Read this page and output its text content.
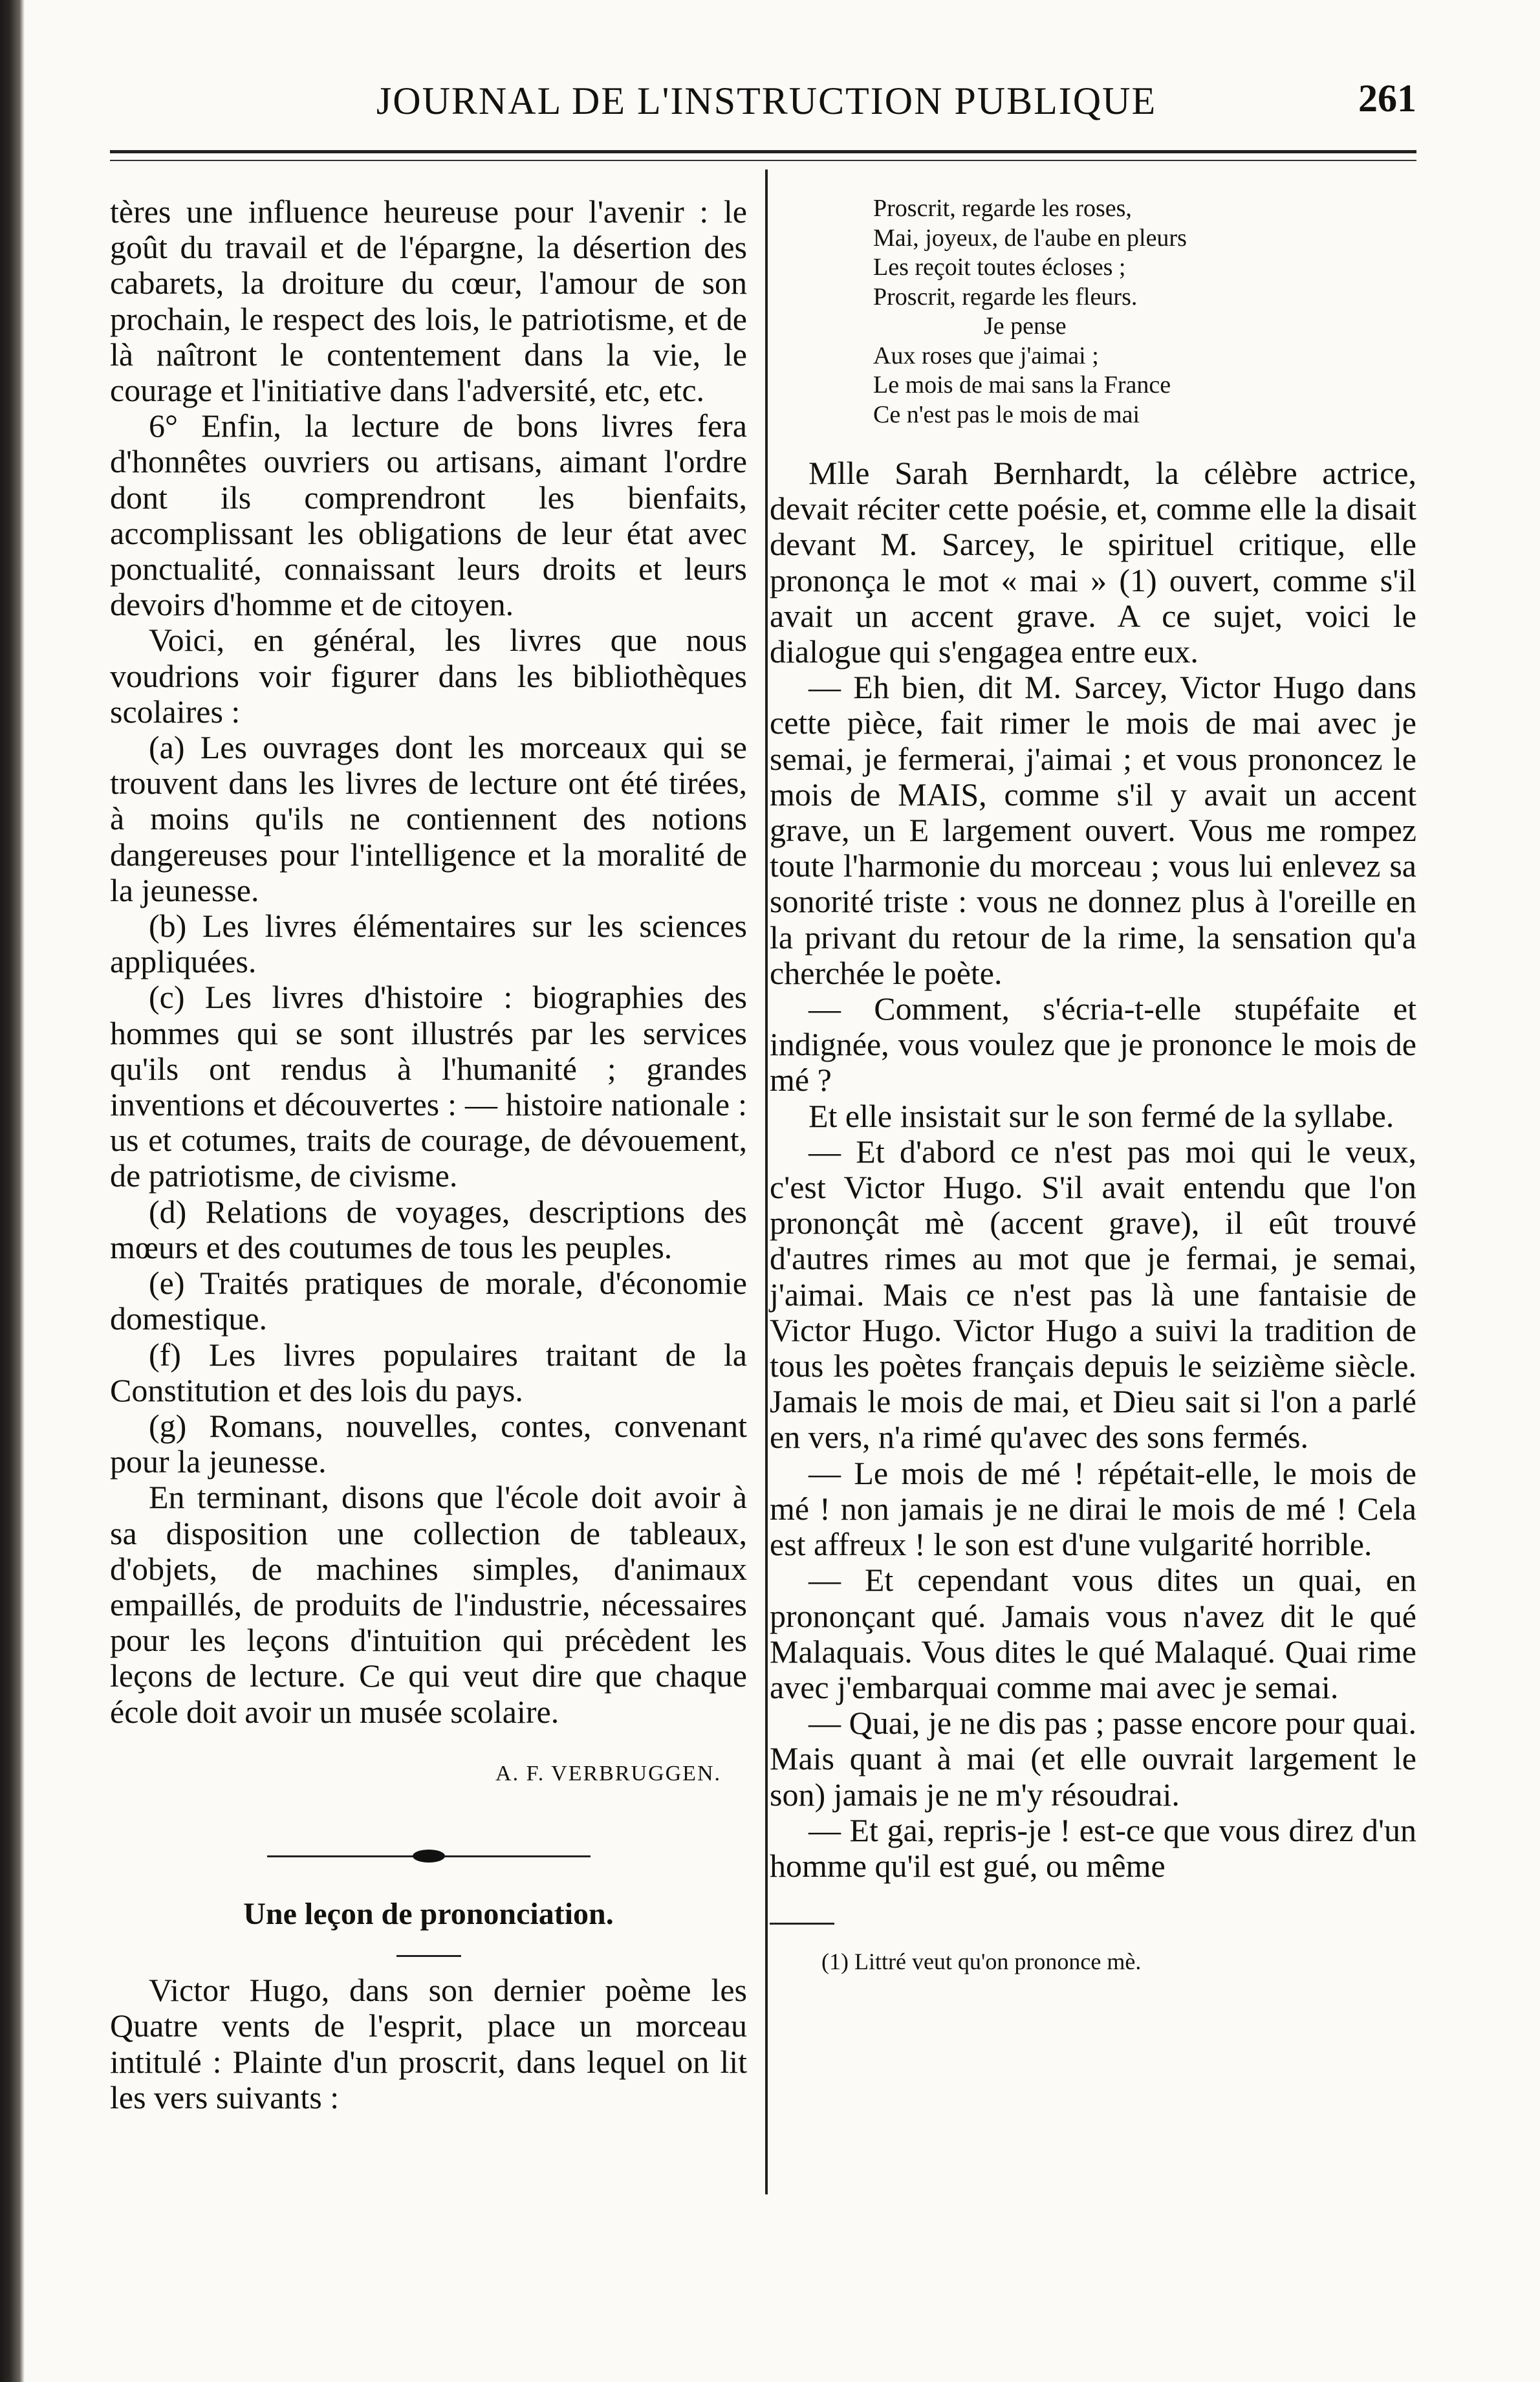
JOURNAL DE L'INSTRUCTION PUBLIQUE	261

tères une influence heureuse pour l'avenir : le goût du travail et de l'épargne, la désertion des cabarets, la droiture du cœur, l'amour de son prochain, le respect des lois, le patriotisme, et de là naîtront le contentement dans la vie, le courage et l'initiative dans l'adversité, etc, etc.

6° Enfin, la lecture de bons livres fera d'honnêtes ouvriers ou artisans, aimant l'ordre dont ils comprendront les bienfaits, accomplissant les obligations de leur état avec ponctualité, connaissant leurs droits et leurs devoirs d'homme et de citoyen.

Voici, en général, les livres que nous voudrions voir figurer dans les bibliothèques scolaires :

(a) Les ouvrages dont les morceaux qui se trouvent dans les livres de lecture ont été tirées, à moins qu'ils ne contiennent des notions dangereuses pour l'intelligence et la moralité de la jeunesse.

(b) Les livres élémentaires sur les sciences appliquées.

(c) Les livres d'histoire : biographies des hommes qui se sont illustrés par les services qu'ils ont rendus à l'humanité ; grandes inventions et découvertes : — histoire nationale : us et cotumes, traits de courage, de dévouement, de patriotisme, de civisme.

(d) Relations de voyages, descriptions des mœurs et des coutumes de tous les peuples.

(e) Traités pratiques de morale, d'économie domestique.

(f) Les livres populaires traitant de la Constitution et des lois du pays.

(g) Romans, nouvelles, contes, convenant pour la jeunesse.

En terminant, disons que l'école doit avoir à sa disposition une collection de tableaux, d'objets, de machines simples, d'animaux empaillés, de produits de l'industrie, nécessaires pour les leçons d'intuition qui précèdent les leçons de lecture. Ce qui veut dire que chaque école doit avoir un musée scolaire.

A. F. VERBRUGGEN.
Une leçon de prononciation.

Victor Hugo, dans son dernier poème les Quatre vents de l'esprit, place un morceau intitulé : Plainte d'un proscrit, dans lequel on lit les vers suivants :

Proscrit, regarde les roses,
Mai, joyeux, de l'aube en pleurs
Les reçoit toutes écloses ;
Proscrit, regarde les fleurs.
Je pense
Aux roses que j'aimai ;
Le mois de mai sans la France
Ce n'est pas le mois de mai

Mlle Sarah Bernhardt, la célèbre actrice, devait réciter cette poésie, et, comme elle la disait devant M. Sarcey, le spirituel critique, elle prononça le mot « mai » (1) ouvert, comme s'il avait un accent grave. A ce sujet, voici le dialogue qui s'engagea entre eux.

— Eh bien, dit M. Sarcey, Victor Hugo dans cette pièce, fait rimer le mois de mai avec je semai, je fermerai, j'aimai ; et vous prononcez le mois de MAIS, comme s'il y avait un accent grave, un E largement ouvert. Vous me rompez toute l'harmonie du morceau ; vous lui enlevez sa sonorité triste : vous ne donnez plus à l'oreille en la privant du retour de la rime, la sensation qu'a cherchée le poète.

— Comment, s'écria-t-elle stupéfaite et indignée, vous voulez que je prononce le mois de mé ?

Et elle insistait sur le son fermé de la syllabe.

— Et d'abord ce n'est pas moi qui le veux, c'est Victor Hugo. S'il avait entendu que l'on prononçât mè (accent grave), il eût trouvé d'autres rimes au mot que je fermai, je semai, j'aimai. Mais ce n'est pas là une fantaisie de Victor Hugo. Victor Hugo a suivi la tradition de tous les poètes français depuis le seizième siècle. Jamais le mois de mai, et Dieu sait si l'on a parlé en vers, n'a rimé qu'avec des sons fermés.

— Le mois de mé ! répétait-elle, le mois de mé ! non jamais je ne dirai le mois de mé ! Cela est affreux ! le son est d'une vulgarité horrible.

— Et cependant vous dites un quai, en prononçant qué. Jamais vous n'avez dit le qué Malaquais. Vous dites le qué Malaqué. Quai rime avec j'embarquai comme mai avec je semai.

— Quai, je ne dis pas ; passe encore pour quai. Mais quant à mai (et elle ouvrait largement le son) jamais je ne m'y résoudrai.

— Et gai, repris-je ! est-ce que vous direz d'un homme qu'il est gué, ou même

(1) Littré veut qu'on prononce mè.
